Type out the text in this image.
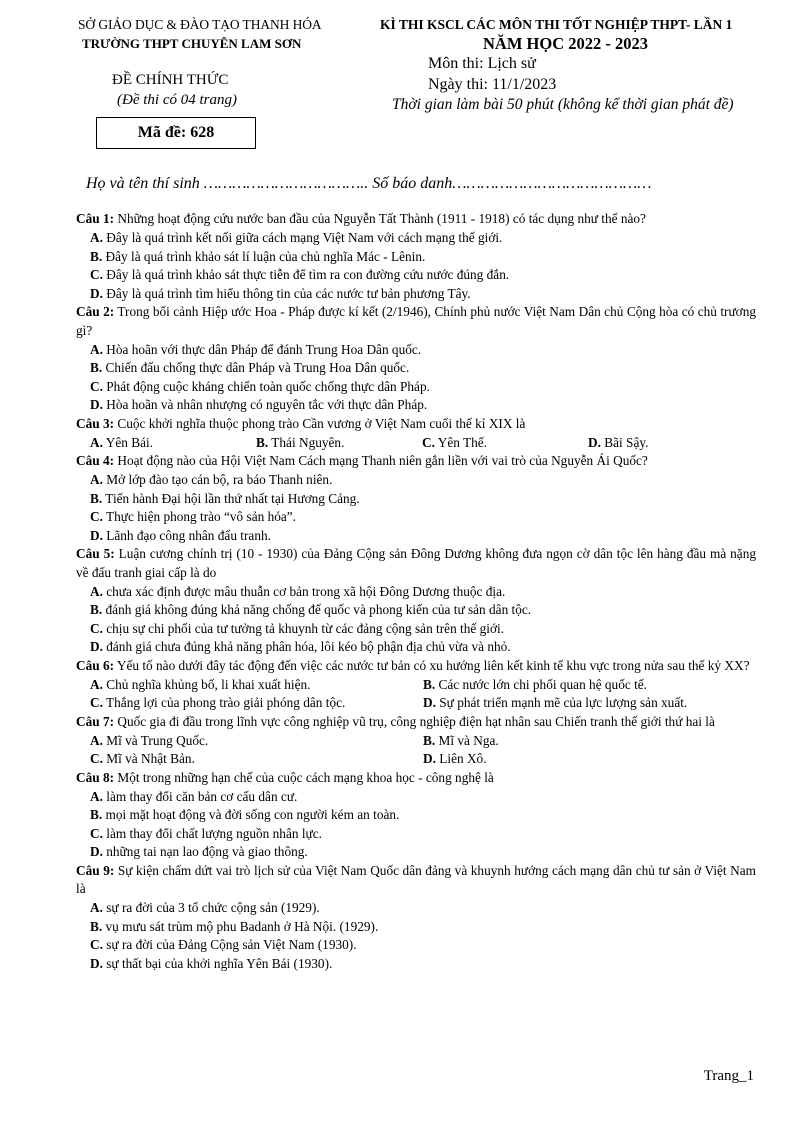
SỞ GIÁO DỤC & ĐÀO TẠO THANH HÓA
TRƯỜNG THPT CHUYÊN LAM SƠN
KÌ THI KSCL CÁC MÔN THI TỐT NGHIỆP THPT- LẦN 1
NĂM HỌC 2022 - 2023
Môn thi: Lịch sử
Ngày thi: 11/1/2023
Thời gian làm bài 50 phút (không kể thời gian phát đề)
ĐỀ CHÍNH THỨC
(Đề thi có 04 trang)
Mã đề: 628
Họ và tên thí sinh …………………………….. Số báo danh……………………………………
Câu 1: Những hoạt động cứu nước ban đầu của Nguyễn Tất Thành (1911 - 1918) có tác dụng như thế nào?
A. Đây là quá trình kết nối giữa cách mạng Việt Nam với cách mạng thế giới.
B. Đây là quá trình khảo sát lí luận của chủ nghĩa Mác - Lênin.
C. Đây là quá trình khảo sát thực tiễn để tìm ra con đường cứu nước đúng đắn.
D. Đây là quá trình tìm hiểu thông tin của các nước tư bản phương Tây.
Câu 2: Trong bối cảnh Hiệp ước Hoa - Pháp được kí kết (2/1946), Chính phủ nước Việt Nam Dân chủ Cộng hòa có chủ trương gì?
A. Hòa hoãn với thực dân Pháp để đánh Trung Hoa Dân quốc.
B. Chiến đấu chống thực dân Pháp và Trung Hoa Dân quốc.
C. Phát động cuộc kháng chiến toàn quốc chống thực dân Pháp.
D. Hòa hoãn và nhân nhượng có nguyên tắc với thực dân Pháp.
Câu 3: Cuộc khởi nghĩa thuộc phong trào Cần vương ở Việt Nam cuối thế kỉ XIX là
A. Yên Bái.	B. Thái Nguyên.	C. Yên Thế.	D. Bãi Sậy.
Câu 4: Hoạt động nào của Hội Việt Nam Cách mạng Thanh niên gắn liền với vai trò của Nguyễn Ái Quốc?
A. Mở lớp đào tạo cán bộ, ra báo Thanh niên.
B. Tiến hành Đại hội lần thứ nhất tại Hương Cảng.
C. Thực hiện phong trào “vô sản hóa”.
D. Lãnh đạo công nhân đấu tranh.
Câu 5: Luận cương chính trị (10 - 1930) của Đảng Cộng sản Đông Dương không đưa ngọn cờ dân tộc lên hàng đầu mà nặng về đấu tranh giai cấp là do
A. chưa xác định được mâu thuẫn cơ bản trong xã hội Đông Dương thuộc địa.
B. đánh giá không đúng khả năng chống đế quốc và phong kiến của tư sản dân tộc.
C. chịu sự chi phối của tư tưởng tả khuynh từ các đảng cộng sản trên thế giới.
D. đánh giá chưa đúng khả năng phân hóa, lôi kéo bộ phận địa chủ vừa và nhỏ.
Câu 6: Yếu tố nào dưới đây tác động đến việc các nước tư bản có xu hướng liên kết kinh tế khu vực trong nửa sau thế kỷ XX?
A. Chủ nghĩa khủng bố, li khai xuất hiện.	B. Các nước lớn chi phối quan hệ quốc tế.
C. Thắng lợi của phong trào giải phóng dân tộc.	D. Sự phát triển mạnh mẽ của lực lượng sản xuất.
Câu 7: Quốc gia đi đầu trong lĩnh vực công nghiệp vũ trụ, công nghiệp điện hạt nhân sau Chiến tranh thế giới thứ hai là
A. Mĩ và Trung Quốc.	B. Mĩ và Nga.
C. Mĩ và Nhật Bản.	D. Liên Xô.
Câu 8: Một trong những hạn chế của cuộc cách mạng khoa học - công nghệ là
A. làm thay đổi căn bản cơ cấu dân cư.
B. mọi mặt hoạt động và đời sống con người kém an toàn.
C. làm thay đổi chất lượng nguồn nhân lực.
D. những tai nạn lao động và giao thông.
Câu 9: Sự kiện chấm dứt vai trò lịch sử của Việt Nam Quốc dân đảng và khuynh hướng cách mạng dân chủ tư sản ở Việt Nam là
A. sự ra đời của 3 tổ chức cộng sản (1929).
B. vụ mưu sát trùm mộ phu Badanh ở Hà Nội. (1929).
C. sự ra đời của Đảng Cộng sản Việt Nam (1930).
D. sự thất bại của khởi nghĩa Yên Bái (1930).
Trang_1
